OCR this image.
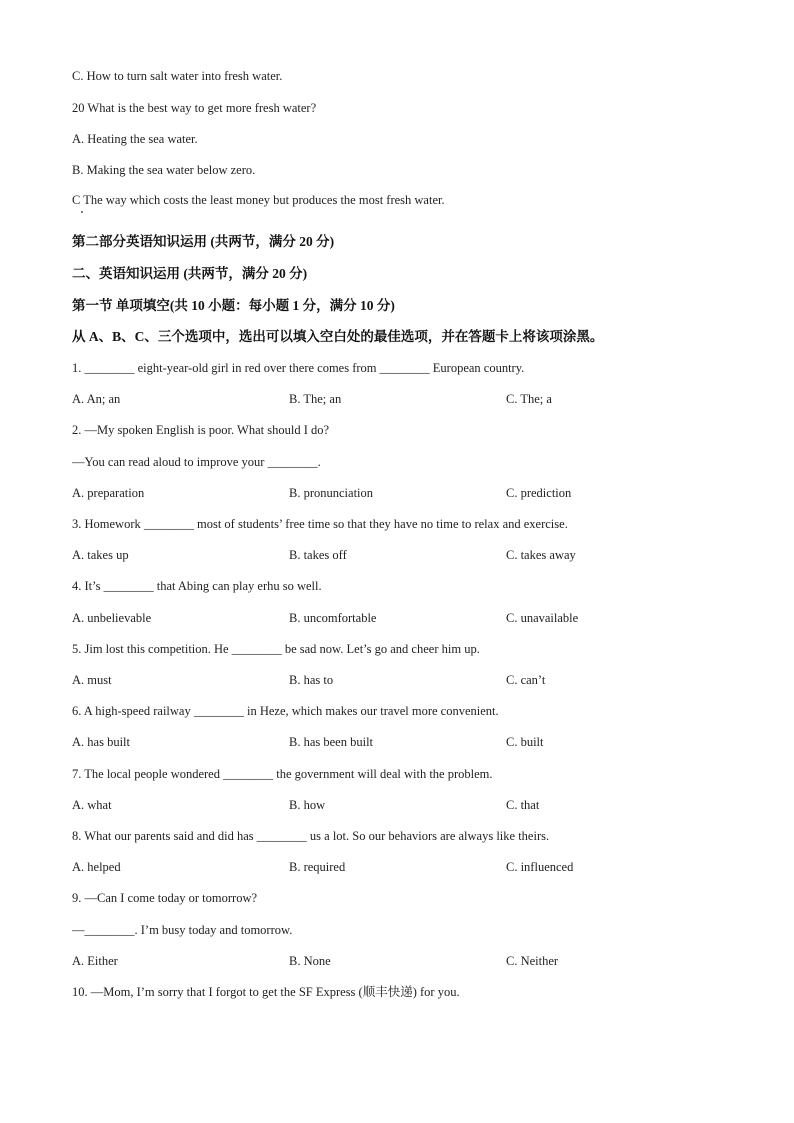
C. How to turn salt water into fresh water.
20 What is the best way to get more fresh water?
A. Heating the sea water.
B. Making the sea water below zero.
C The way which costs the least money but produces the most fresh water.
第二部分英语知识运用 (共两节，满分 20 分)
二、英语知识运用 (共两节，满分 20 分)
第一节 单项填空(共 10 小题：每小题 1 分，满分 10 分)
从 A、B、C、三个选项中，选出可以填入空白处的最佳选项，并在答题卡上将该项涂黑。
1. ________ eight-year-old girl in red over there comes from ________ European country.
A. An; an	B. The; an	C. The; a
2. —My spoken English is poor. What should I do?
—You can read aloud to improve your ________.
A. preparation	B. pronunciation	C. prediction
3. Homework ________ most of students’ free time so that they have no time to relax and exercise.
A. takes up	B. takes off	C. takes away
4. It’s ________ that Abing can play erhu so well.
A. unbelievable	B. uncomfortable	C. unavailable
5. Jim lost this competition. He ________ be sad now. Let’s go and cheer him up.
A. must	B. has to	C. can’t
6. A high-speed railway ________ in Heze, which makes our travel more convenient.
A. has built	B. has been built	C. built
7. The local people wondered ________ the government will deal with the problem.
A. what	B. how	C. that
8. What our parents said and did has ________ us a lot. So our behaviors are always like theirs.
A. helped	B. required	C. influenced
9. —Can I come today or tomorrow?
—________. I’m busy today and tomorrow.
A. Either	B. None	C. Neither
10. —Mom, I’m sorry that I forgot to get the SF Express (顺丰快递) for you.
